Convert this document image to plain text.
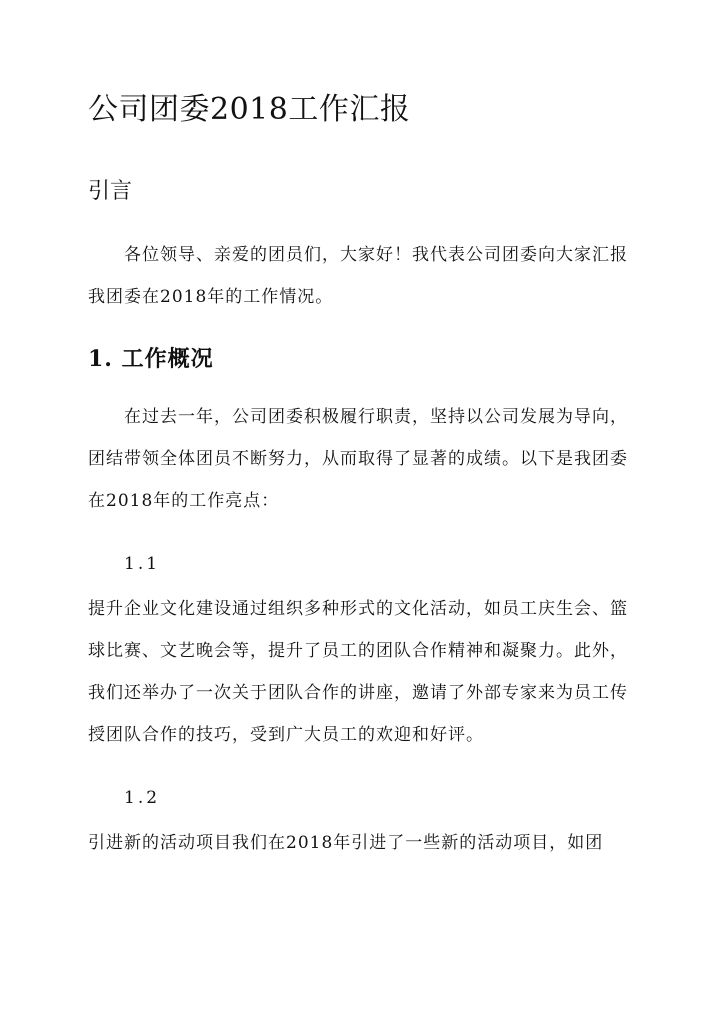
公司团委2018工作汇报
引言

各位领导、亲爱的团员们，大家好！我代表公司团委向大家汇报我团委在2018年的工作情况。

1. 工作概况

在过去一年，公司团委积极履行职责，坚持以公司发展为导向，团结带领全体团员不断努力，从而取得了显著的成绩。以下是我团委在2018年的工作亮点：

1.1

提升企业文化建设通过组织多种形式的文化活动，如员工庆生会、篮球比赛、文艺晚会等，提升了员工的团队合作精神和凝聚力。此外，我们还举办了一次关于团队合作的讲座，邀请了外部专家来为员工传授团队合作的技巧，受到广大员工的欢迎和好评。

1.2

引进新的活动项目我们在2018年引进了一些新的活动项目，如团
